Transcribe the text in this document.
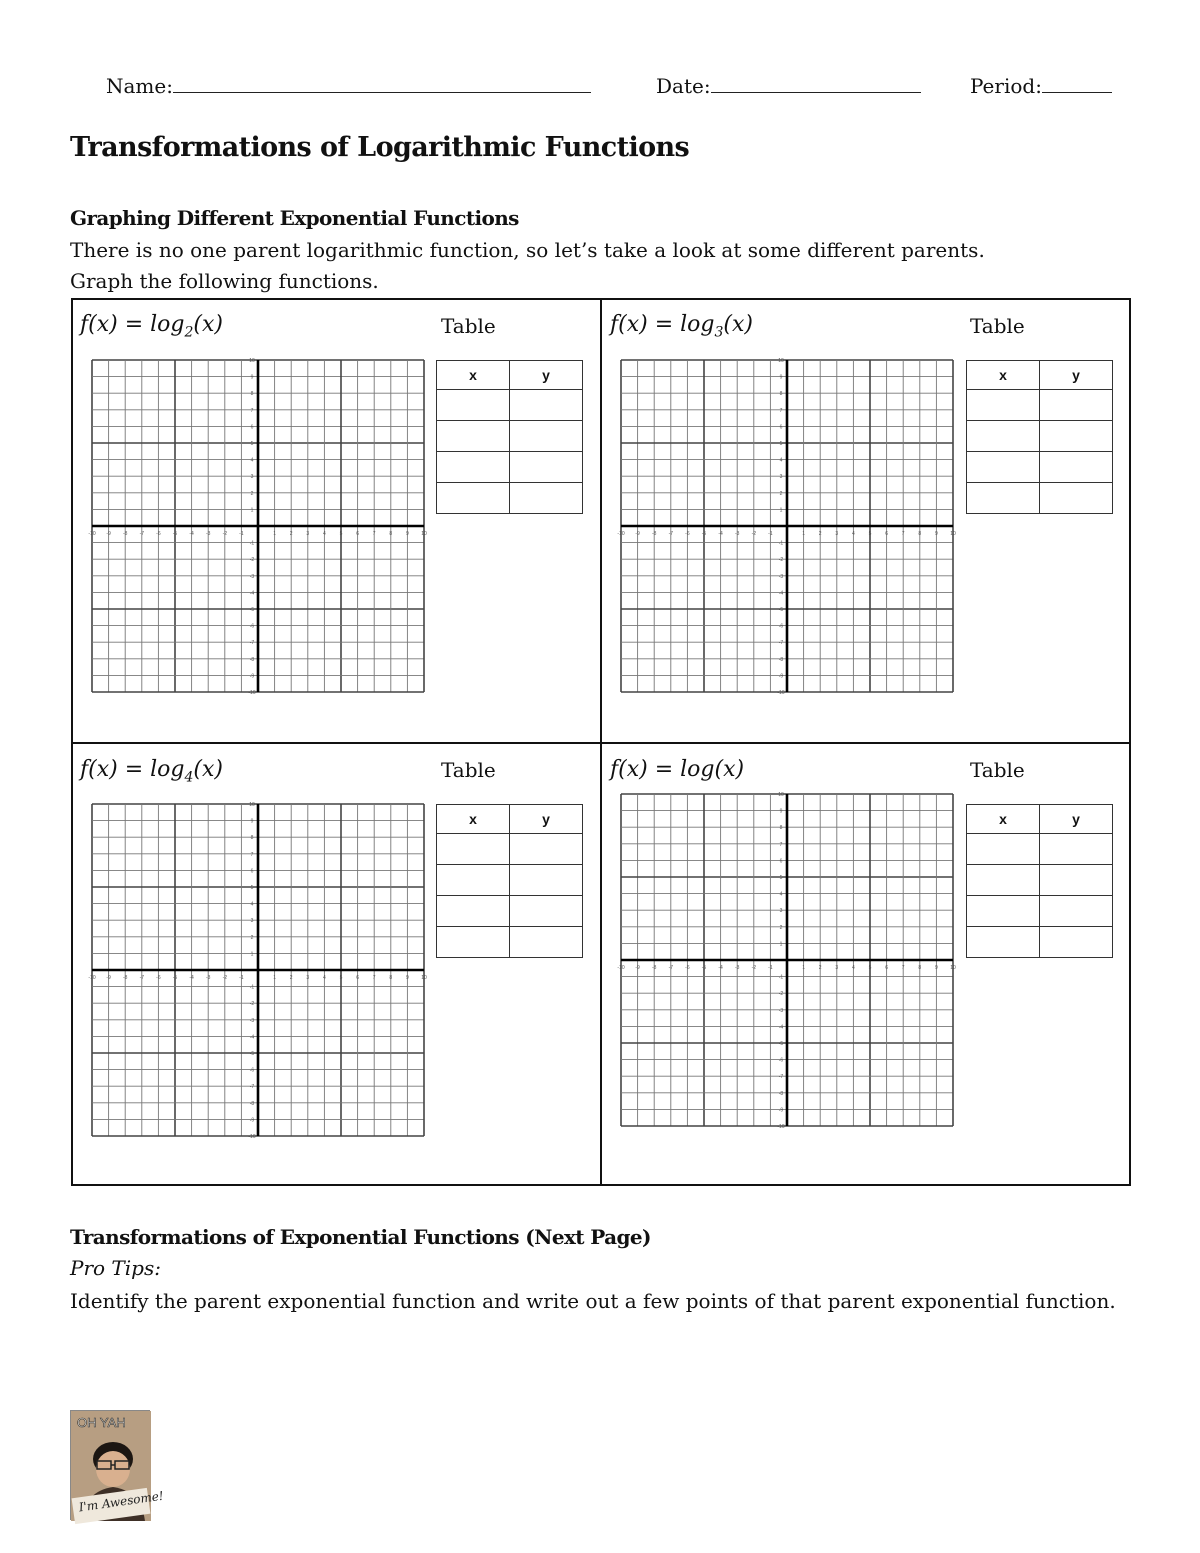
Name:	Date:	Period:
Transformations of Logarithmic Functions
Graphing Different Exponential Functions
There is no one parent logarithmic function, so let’s take a look at some different parents.
Graph the following functions.
$f(x) = \log_2(x)$	Table
-10
-10
-9
-9
-8
-8
-7
-7
-6
-6
-5
-5
-4
-4
-3
-3
-2
-2
-1
-1
1
1
2
2
3
3
4
4
5
5
6
6
7
7
8
8
9
9
10
10
x	y

$f(x) = \log_3(x)$	Table
-10
-10
-9
-9
-8
-8
-7
-7
-6
-6
-5
-5
-4
-4
-3
-3
-2
-2
-1
-1
1
1
2
2
3
3
4
4
5
5
6
6
7
7
8
8
9
9
10
10
x	y

$f(x) = \log_4(x)$	Table
-10
-10
-9
-9
-8
-8
-7
-7
-6
-6
-5
-5
-4
-4
-3
-3
-2
-2
-1
-1
1
1
2
2
3
3
4
4
5
5
6
6
7
7
8
8
9
9
10
10
x	y

f(x) = log(x)	Table
-10
-10
-9
-9
-8
-8
-7
-7
-6
-6
-5
-5
-4
-4
-3
-3
-2
-2
-1
-1
1
1
2
2
3
3
4
4
5
5
6
6
7
7
8
8
9
9
10
10
x	y

Transformations of Exponential Functions (Next Page)
Pro Tips:
Identify the parent exponential function and write out a few points of that parent exponential function.
OH YAH
I'm Awesome!
